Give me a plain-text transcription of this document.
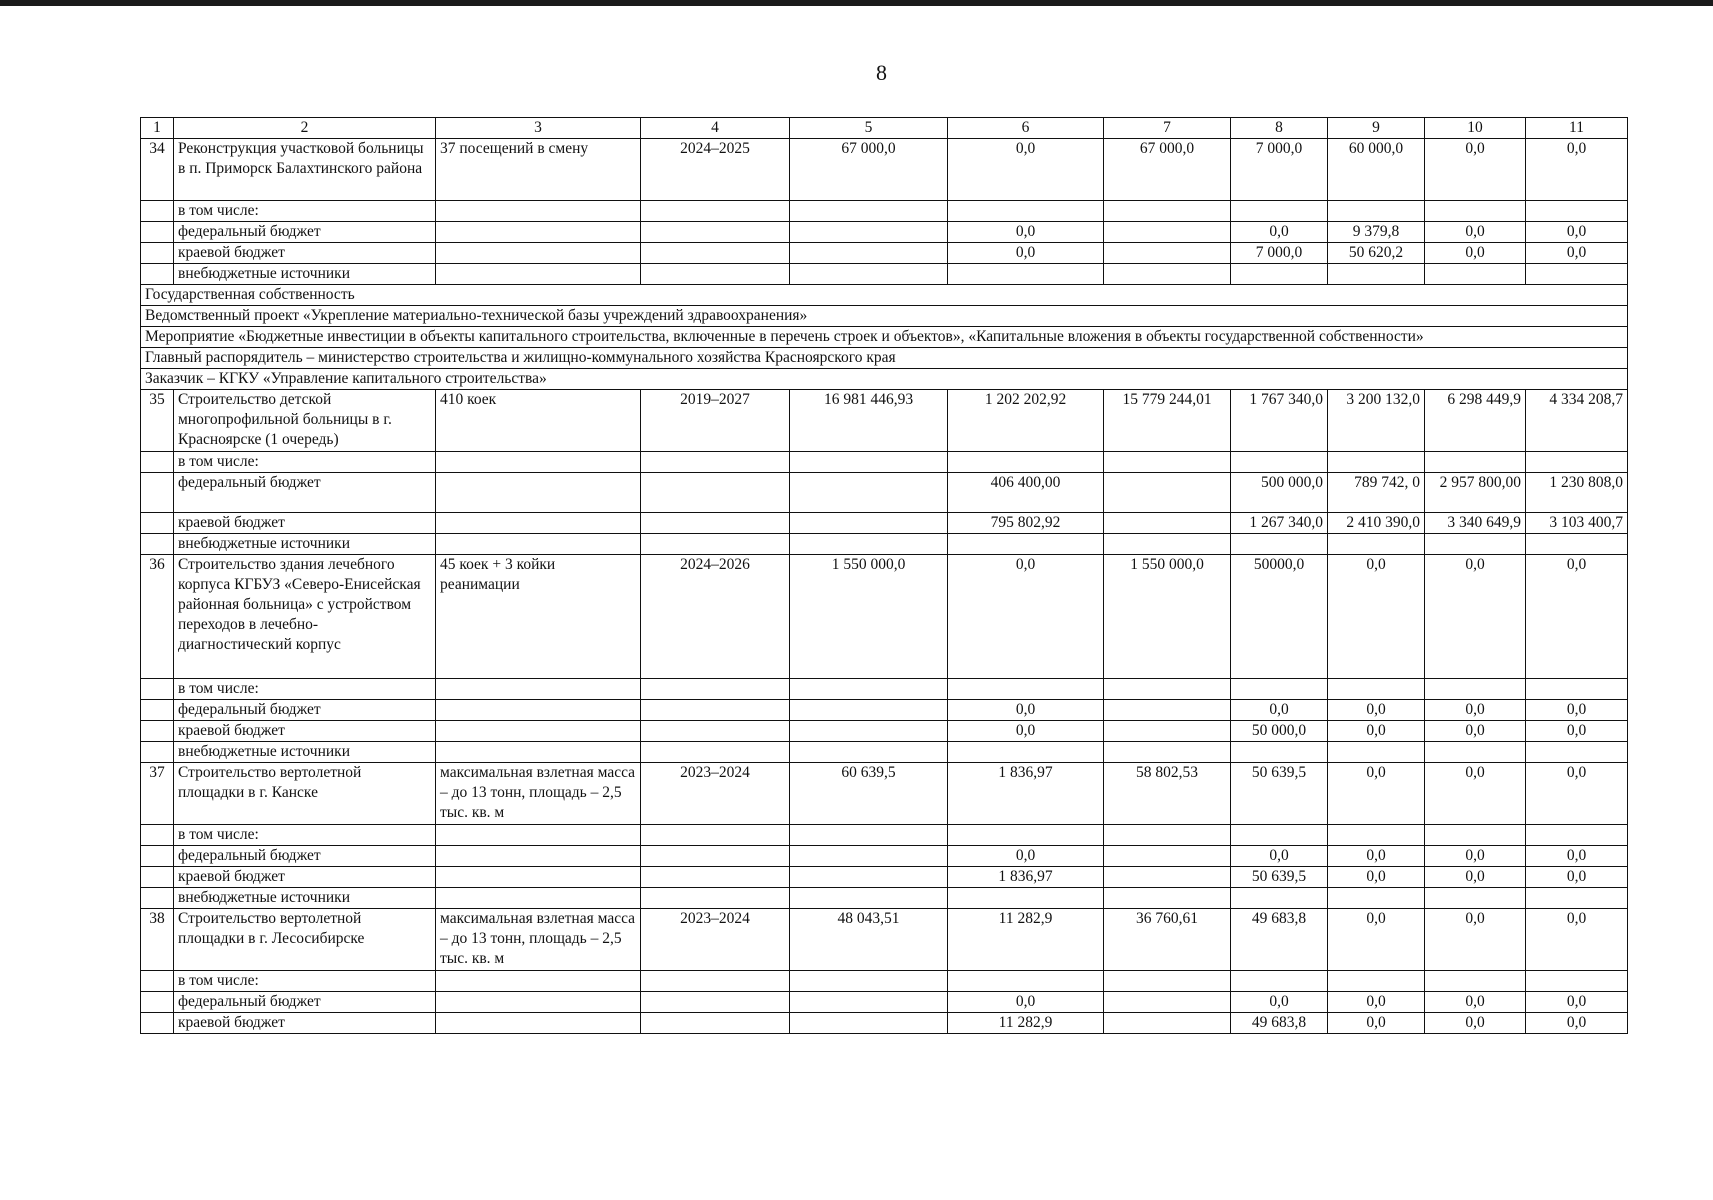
8
1	2	3	4	5	6	7	8	9	10	11
34	Реконструкция участковой больницы в п. Приморск Балахтинского района	37 посещений в смену	2024–2025	67 000,0	0,0	67 000,0	7 000,0	60 000,0	0,0	0,0
	в том числе:									
	федеральный бюджет				0,0		0,0	9 379,8	0,0	0,0
	краевой бюджет				0,0		7 000,0	50 620,2	0,0	0,0
	внебюджетные источники									
Государственная собственность										
Ведомственный проект «Укрепление материально-технической базы учреждений здравоохранения»										
Мероприятие «Бюджетные инвестиции в объекты капитального строительства, включенные в перечень строек и объектов», «Капитальные вложения в объекты государственной собственности»										
Главный распорядитель – министерство строительства и жилищно-коммунального хозяйства Красноярского края										
Заказчик – КГКУ «Управление капитального строительства»										
35	Строительство детской многопрофильной больницы в г. Красноярске (1 очередь)	410 коек	2019–2027	16 981 446,93	1 202 202,92	15 779 244,01	1 767 340,0	3 200 132,0	6 298 449,9	4 334 208,7
	в том числе:									
	федеральный бюджет				406 400,00		500 000,0	789 742, 0	2 957 800,00	1 230 808,0
	краевой бюджет				795 802,92		1 267 340,0	2 410 390,0	3 340 649,9	3 103 400,7
	внебюджетные источники									
36	Строительство здания лечебного корпуса КГБУЗ «Северо-Енисейская районная больница» с устройством переходов в лечебно-диагностический корпус	45 коек + 3 койки реанимации	2024–2026	1 550 000,0	0,0	1 550 000,0	50000,0	0,0	0,0	0,0
	в том числе:									
	федеральный бюджет				0,0		0,0	0,0	0,0	0,0
	краевой бюджет				0,0		50 000,0	0,0	0,0	0,0
	внебюджетные источники									
37	Строительство вертолетной площадки в г. Канске	максимальная взлетная масса – до 13 тонн, площадь – 2,5 тыс. кв. м	2023–2024	60 639,5	1 836,97	58 802,53	50 639,5	0,0	0,0	0,0
	в том числе:									
	федеральный бюджет				0,0		0,0	0,0	0,0	0,0
	краевой бюджет				1 836,97		50 639,5	0,0	0,0	0,0
	внебюджетные источники									
38	Строительство вертолетной площадки в г. Лесосибирске	максимальная взлетная масса – до 13 тонн, площадь – 2,5 тыс. кв. м	2023–2024	48 043,51	11 282,9	36 760,61	49 683,8	0,0	0,0	0,0
	в том числе:									
	федеральный бюджет				0,0		0,0	0,0	0,0	0,0
	краевой бюджет				11 282,9		49 683,8	0,0	0,0	0,0
